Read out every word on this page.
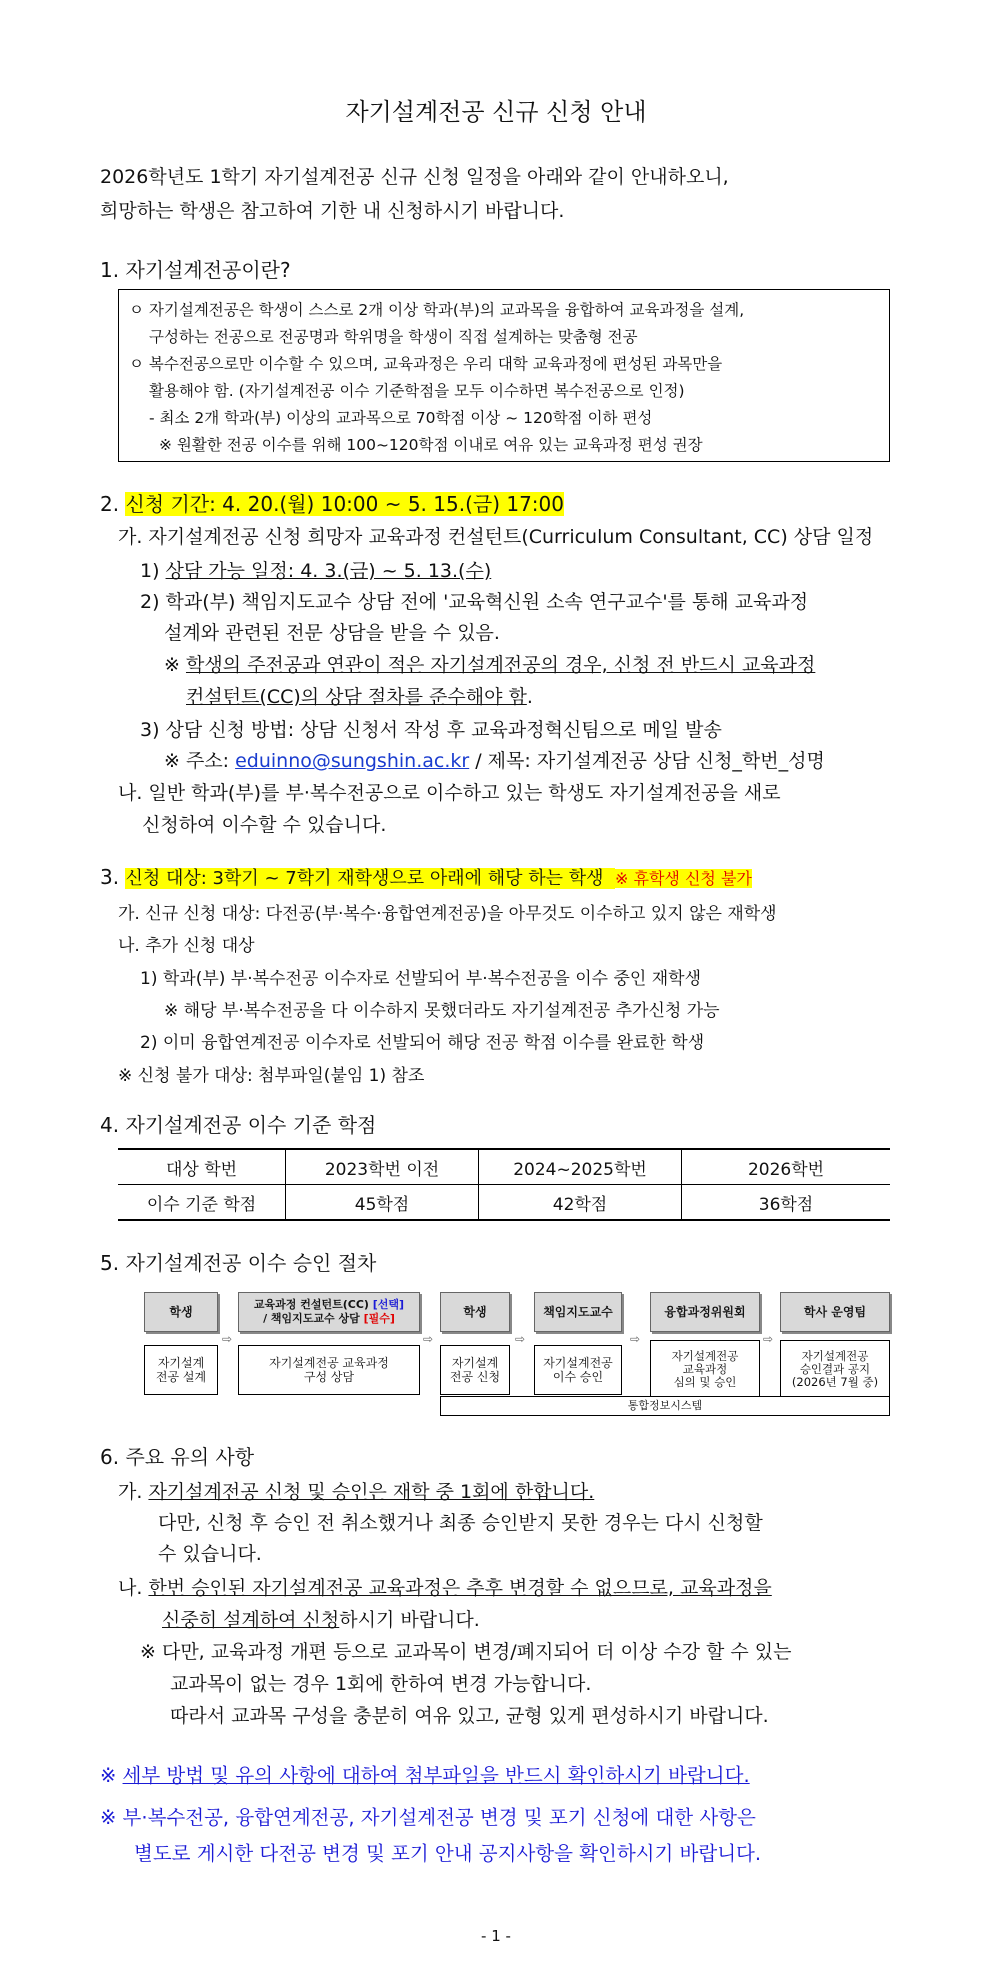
자기설계전공 신규 신청 안내
2026학년도 1학기 자기설계전공 신규 신청 일정을 아래와 같이 안내하오니,
희망하는 학생은 참고하여 기한 내 신청하시기 바랍니다.
1. 자기설계전공이란?
ㅇ 자기설계전공은 학생이 스스로 2개 이상 학과(부)의 교과목을 융합하여 교육과정을 설계,
구성하는 전공으로 전공명과 학위명을 학생이 직접 설계하는 맞춤형 전공
ㅇ 복수전공으로만 이수할 수 있으며, 교육과정은 우리 대학 교육과정에 편성된 과목만을
활용해야 함. (자기설계전공 이수 기준학점을 모두 이수하면 복수전공으로 인정)
- 최소 2개 학과(부) 이상의 교과목으로 70학점 이상 ~ 120학점 이하 편성
※ 원활한 전공 이수를 위해 100~120학점 이내로 여유 있는 교육과정 편성 권장
2. 신청 기간: 4. 20.(월) 10:00 ~ 5. 15.(금) 17:00
가. 자기설계전공 신청 희망자 교육과정 컨설턴트(Curriculum Consultant, CC) 상담 일정
1) 상담 가능 일정: 4. 3.(금) ~ 5. 13.(수)
2) 학과(부) 책임지도교수 상담 전에 '교육혁신원 소속 연구교수'를 통해 교육과정
설계와 관련된 전문 상담을 받을 수 있음.
※ 학생의 주전공과 연관이 적은 자기설계전공의 경우, 신청 전 반드시 교육과정
컨설턴트(CC)의 상담 절차를 준수해야 함.
3) 상담 신청 방법: 상담 신청서 작성 후 교육과정혁신팀으로 메일 발송
※ 주소: eduinno@sungshin.ac.kr / 제목: 자기설계전공 상담 신청_학번_성명
나. 일반 학과(부)를 부·복수전공으로 이수하고 있는 학생도 자기설계전공을 새로
신청하여 이수할 수 있습니다.
3. 신청 대상: 3학기 ~ 7학기 재학생으로 아래에 해당 하는 학생 ※ 휴학생 신청 불가
가. 신규 신청 대상: 다전공(부·복수·융합연계전공)을 아무것도 이수하고 있지 않은 재학생
나. 추가 신청 대상
1) 학과(부) 부·복수전공 이수자로 선발되어 부·복수전공을 이수 중인 재학생
※ 해당 부·복수전공을 다 이수하지 못했더라도 자기설계전공 추가신청 가능
2) 이미 융합연계전공 이수자로 선발되어 해당 전공 학점 이수를 완료한 학생
※ 신청 불가 대상: 첨부파일(붙임 1) 참조
4. 자기설계전공 이수 기준 학점
대상 학번	2023학번 이전	2024~2025학번	2026학번
이수 기준 학점	45학점	42학점	36학점
5. 자기설계전공 이수 승인 절차
학생
교육과정 컨설턴트(CC) [선택]
/ 책임지도교수 상담 [필수]	학생	책임지도교수	융합과정위원회	학사 운영팀
자기설계
전공 설계
자기설계전공 교육과정
구성 상담
자기설계
전공 신청
자기설계전공
이수 승인
자기설계전공
교육과정
심의 및 승인
자기설계전공
승인결과 공지
(2026년 7월 중)
⇨	⇨	⇨	⇨	⇨
통합정보시스템
6. 주요 유의 사항
가. 자기설계전공 신청 및 승인은 재학 중 1회에 한합니다.
다만, 신청 후 승인 전 취소했거나 최종 승인받지 못한 경우는 다시 신청할
수 있습니다.
나. 한번 승인된 자기설계전공 교육과정은 추후 변경할 수 없으므로, 교육과정을
신중히 설계하여 신청하시기 바랍니다.
※ 다만, 교육과정 개편 등으로 교과목이 변경/폐지되어 더 이상 수강 할 수 있는
교과목이 없는 경우 1회에 한하여 변경 가능합니다.
따라서 교과목 구성을 충분히 여유 있고, 균형 있게 편성하시기 바랍니다.
※ 세부 방법 및 유의 사항에 대하여 첨부파일을 반드시 확인하시기 바랍니다.
※ 부·복수전공, 융합연계전공, 자기설계전공 변경 및 포기 신청에 대한 사항은
별도로 게시한 다전공 변경 및 포기 안내 공지사항을 확인하시기 바랍니다.
- 1 -
